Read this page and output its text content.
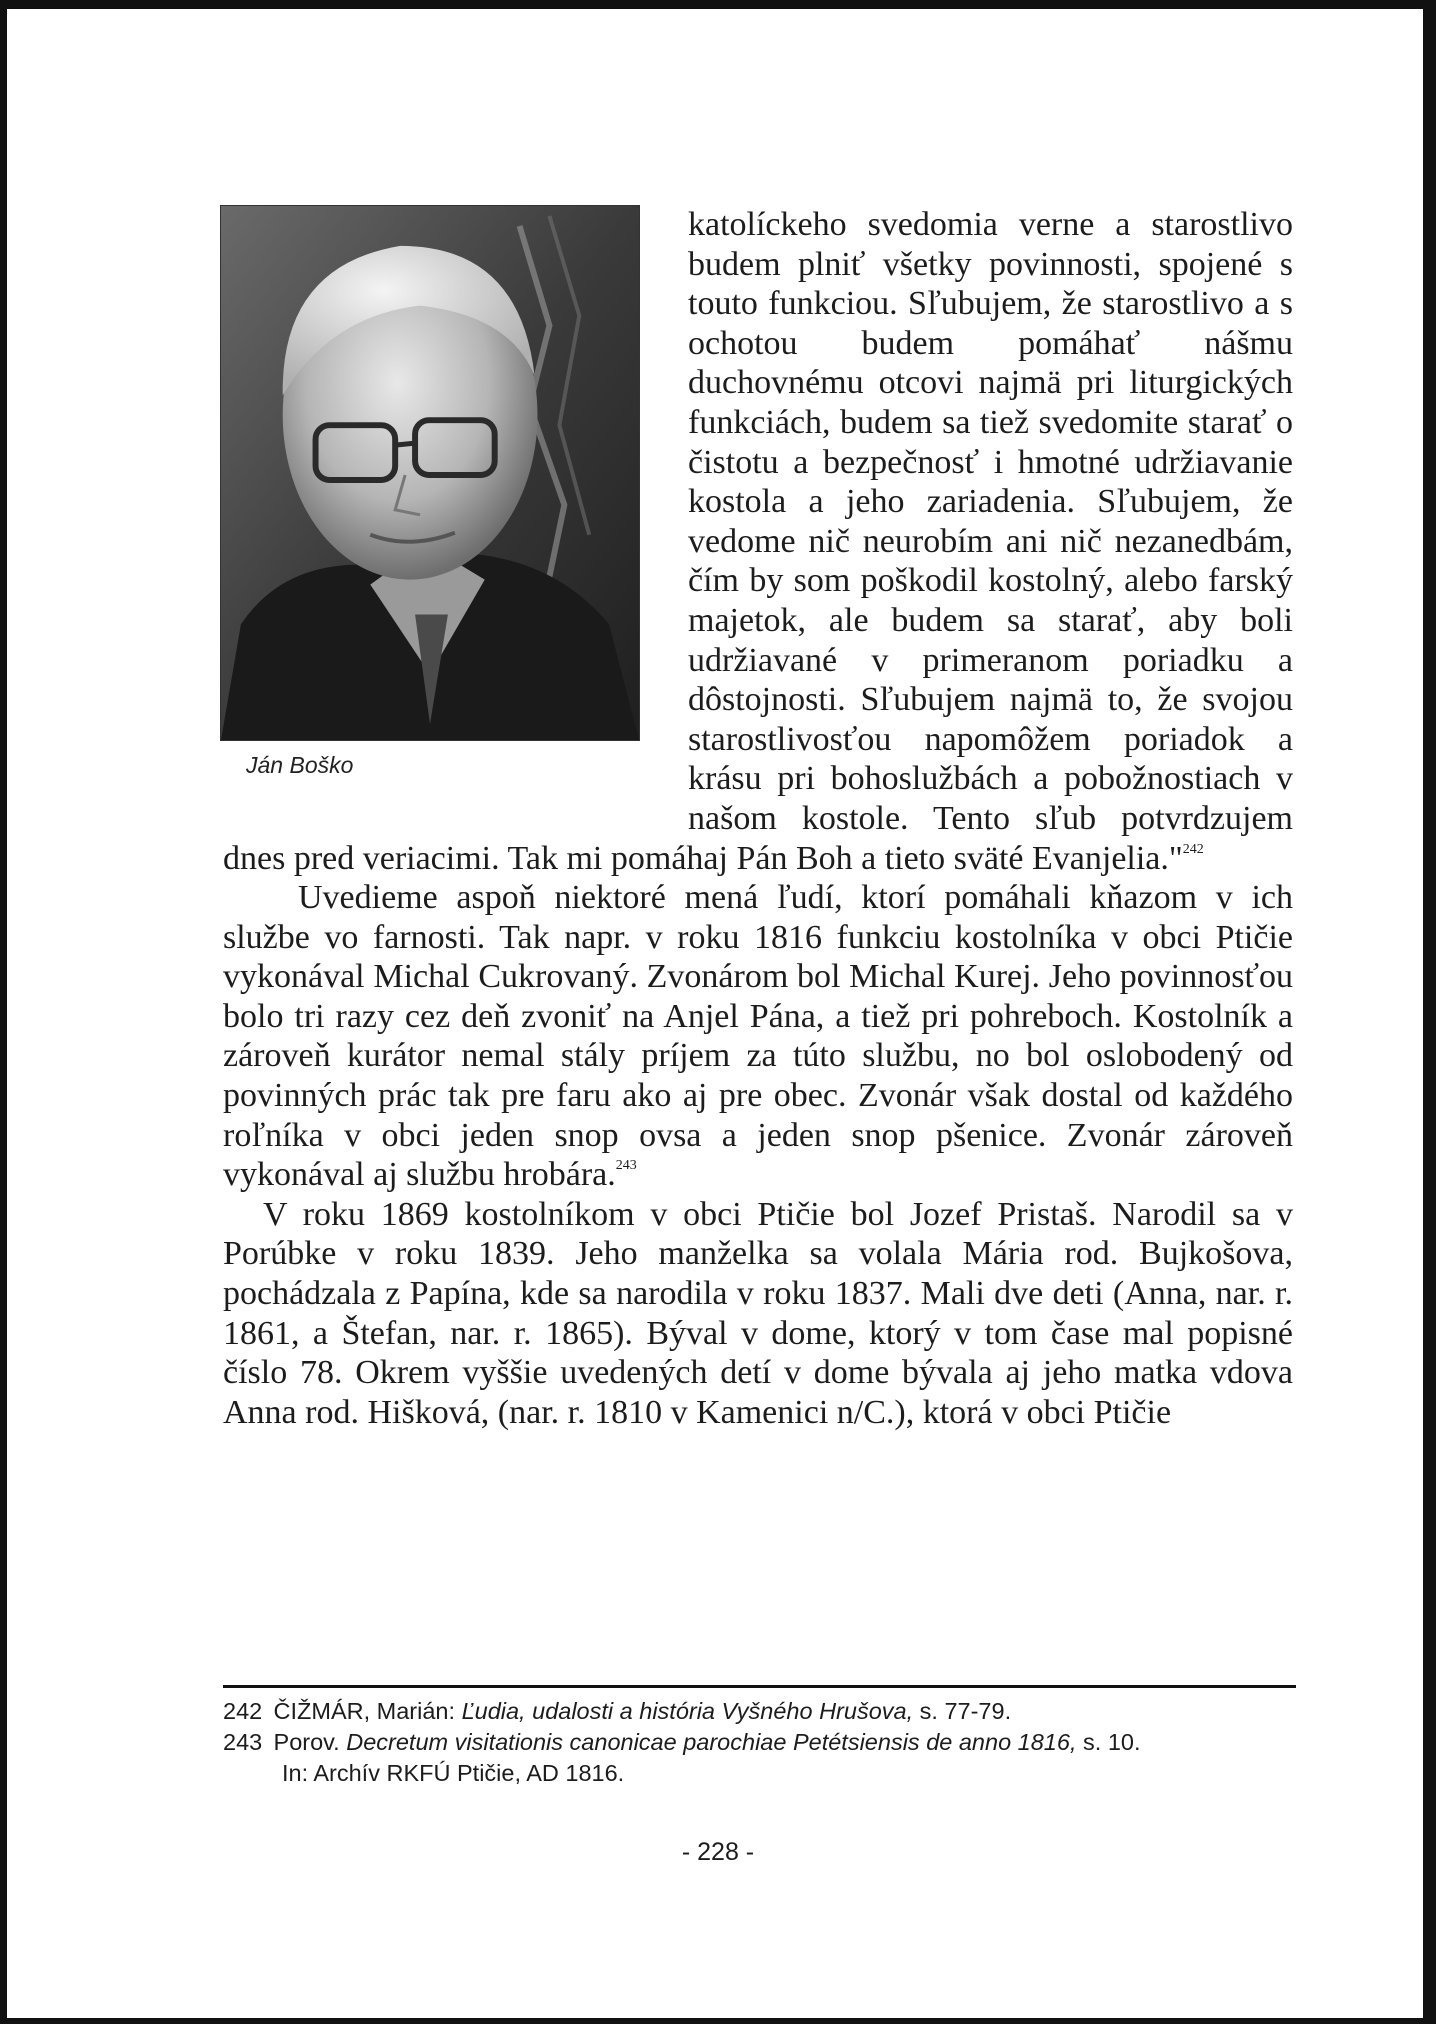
Ján Boško

katolíckeho svedomia verne a starostlivo budem plniť všetky povinnosti, spojené s touto funkciou. Sľubujem, že starostlivo a s ochotou budem pomáhať nášmu duchovnému otcovi najmä pri liturgických funkciách, budem sa tiež svedomite starať o čistotu a bezpečnosť i hmotné udržiavanie kostola a jeho zariadenia. Sľubujem, že vedome nič neurobím ani nič nezanedbám, čím by som poškodil kostolný, alebo farský majetok, ale budem sa starať, aby boli udržiavané v primeranom poriadku a dôstojnosti. Sľubujem najmä to, že svojou starostlivosťou napomôžem poriadok a krásu pri bohoslužbách a pobožnostiach v našom kostole. Tento sľub potvrdzujem dnes pred veriacimi. Tak mi pomáhaj Pán Boh a tieto sväté Evanjelia."$^{242}$

Uvedieme aspoň niektoré mená ľudí, ktorí pomáhali kňazom v ich službe vo farnosti. Tak napr. v roku 1816 funkciu kostolníka v obci Ptičie vykonával Michal Cukrovaný. Zvonárom bol Michal Kurej. Jeho povinnosťou bolo tri razy cez deň zvoniť na Anjel Pána, a tiež pri pohreboch. Kostolník a zároveň kurátor nemal stály príjem za túto službu, no bol oslobodený od povinných prác tak pre faru ako aj pre obec. Zvonár však dostal od každého roľníka v obci jeden snop ovsa a jeden snop pšenice. Zvonár zároveň vykonával aj službu hrobára.$^{243}$

V roku 1869 kostolníkom v obci Ptičie bol Jozef Pristaš. Narodil sa v Porúbke v roku 1839. Jeho manželka sa volala Mária rod. Bujkošova, pochádzala z Papína, kde sa narodila v roku 1837. Mali dve deti (Anna, nar. r. 1861, a Štefan, nar. r. 1865). Býval v dome, ktorý v tom čase mal popisné číslo 78. Okrem vyššie uvedených detí v dome bývala aj jeho matka vdova Anna rod. Hišková, (nar. r. 1810 v Kamenici n/C.), ktorá v obci Ptičie

242 ČIŽMÁR, Marián: Ľudia, udalosti a história Vyšného Hrušova, s. 77-79.

243 Porov. Decretum visitationis canonicae parochiae Petétsiensis de anno 1816, s. 10.

In: Archív RKFÚ Ptičie, AD 1816.

- 228 -
